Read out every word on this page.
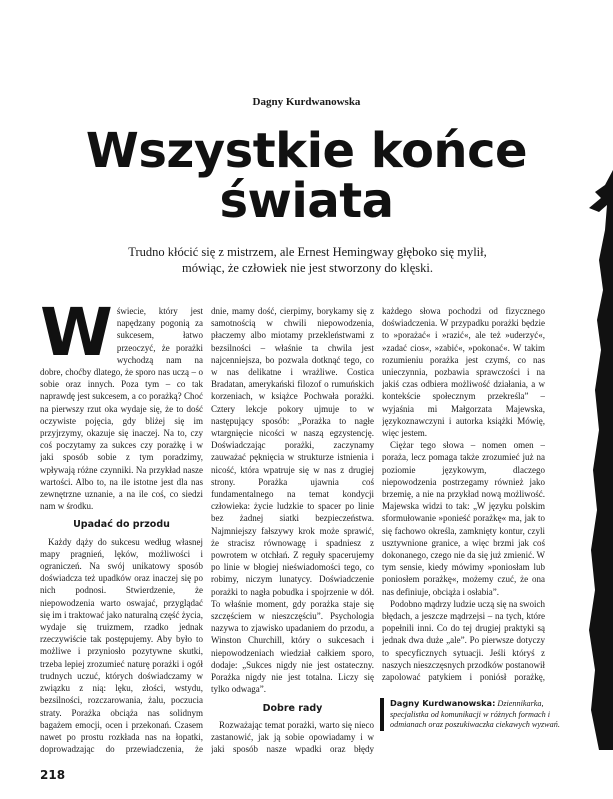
Dagny Kurdwanowska
Wszystkie końce
świata
Trudno kłócić się z mistrzem, ale Ernest Hemingway głęboko się mylił, mówiąc, że człowiek nie jest stworzony do klęski.
W świecie, który jest napędzany pogonią za sukcesem, łatwo przeoczyć, że porażki wychodzą nam na dobre, choćby dlatego, że sporo nas uczą – o sobie oraz innych. Poza tym – co tak naprawdę jest sukcesem, a co porażką? Choć na pierwszy rzut oka wydaje się, że to dość oczywiste pojęcia, gdy bliżej się im przyjrzymy, okazuje się inaczej. Na to, czy coś poczytamy za sukces czy porażkę i w jaki sposób sobie z tym poradzimy, wpływają różne czynniki. Na przykład nasze wartości. Albo to, na ile istotne jest dla nas zewnętrzne uznanie, a na ile coś, co siedzi nam w środku.

Upadać do przodu

Każdy dąży do sukcesu według własnej mapy pragnień, lęków, możliwości i ograniczeń. Na swój unikatowy sposób doświadcza też upadków oraz inaczej się po nich podnosi. Stwierdzenie, że niepowodzenia warto oswajać, przyglądać się im i traktować jako naturalną część życia, wydaje się truizmem, rzadko jednak rzeczywiście tak postępujemy. Aby było to możliwe i przyniosło pozytywne skutki, trzeba lepiej zrozumieć naturę porażki i ogół trudnych uczuć, których doświadczamy w związku z nią: lęku, złości, wstydu, bezsilności, rozczarowania, żalu, poczucia straty. Porażka obciąża nas solidnym bagażem emocji, ocen i przekonań. Czasem nawet po prostu rozkłada nas na łopatki, doprowadzając do przewiadczenia, że

dnie, mamy dość, cierpimy, borykamy się z samotnością w chwili niepowodzenia, płaczemy albo miotamy przekleństwami z bezsilności – właśnie ta chwila jest najcenniejsza, bo pozwala dotknąć tego, co w nas delikatne i wrażliwe. Costica Bradatan, amerykański filozof o rumuńskich korzeniach, w książce Pochwała porażki. Cztery lekcje pokory ujmuje to w następujący sposób: „Porażka to nagłe wtargnięcie nicości w naszą egzystencję. Doświadczając porażki, zaczynamy zauważać pęknięcia w strukturze istnienia i nicość, która wpatruje się w nas z drugiej strony. Porażka ujawnia coś fundamentalnego na temat kondycji człowieka: życie ludzkie to spacer po linie bez żadnej siatki bezpieczeństwa. Najmniejszy fałszywy krok może sprawić, że stracisz równowagę i spadniesz z powrotem w otchłań. Z reguły spacerujemy po linie w błogiej nieświadomości tego, co robimy, niczym lunatycy. Doświadczenie porażki to nagła pobudka i spojrzenie w dół. To właśnie moment, gdy porażka staje się szczęściem w nieszczęściu”. Psychologia nazywa to zjawisko upadaniem do przodu, a Winston Churchill, który o sukcesach i niepowodzeniach wiedział całkiem sporo, dodaje: „Sukces nigdy nie jest ostateczny. Porażka nigdy nie jest totalna. Liczy się tylko odwaga”.

Dobre rady

Rozważając temat porażki, warto się nieco zastanowić, jak ją sobie opowiadamy i w jaki sposób nasze wpadki oraz błędy

każdego słowa pochodzi od fizycznego doświadczenia. W przypadku porażki będzie to »porażać« i »razić«, ale też »uderzyć«, »zadać cios«, »zabić«, »pokonać«. W takim rozumieniu porażka jest czymś, co nas unieczynnia, pozbawia sprawczości i na jakiś czas odbiera możliwość działania, a w kontekście społecznym przekreśla” – wyjaśnia mi Małgorzata Majewska, językoznawczyni i autorka książki Mówię, więc jestem.

Ciężar tego słowa – nomen omen – poraża, lecz pomaga także zrozumieć już na poziomie językowym, dlaczego niepowodzenia postrzegamy również jako brzemię, a nie na przykład nową możliwość. Majewska widzi to tak: „W języku polskim sformułowanie »ponieść porażkę« ma, jak to się fachowo określa, zamknięty kontur, czyli usztywnione granice, a więc brzmi jak coś dokonanego, czego nie da się już zmienić. W tym sensie, kiedy mówimy »poniosłam lub poniosłem porażkę«, możemy czuć, że ona nas definiuje, obciąża i osłabia”.

Podobno mądrzy ludzie uczą się na swoich błędach, a jeszcze mądrzejsi – na tych, które popełnili inni. Co do tej drugiej praktyki są jednak dwa duże „ale”. Po pierwsze dotyczy to specyficznych sytuacji. Jeśli któryś z naszych nieszczęsnych przodków postanowił zapolować patykiem i poniósł porażkę,

Dagny Kurdwanowska: Dziennikarka, specjalistka od komunikacji w różnych formach i odmianach oraz poszukiwaczka ciekawych wyzwań.
218
